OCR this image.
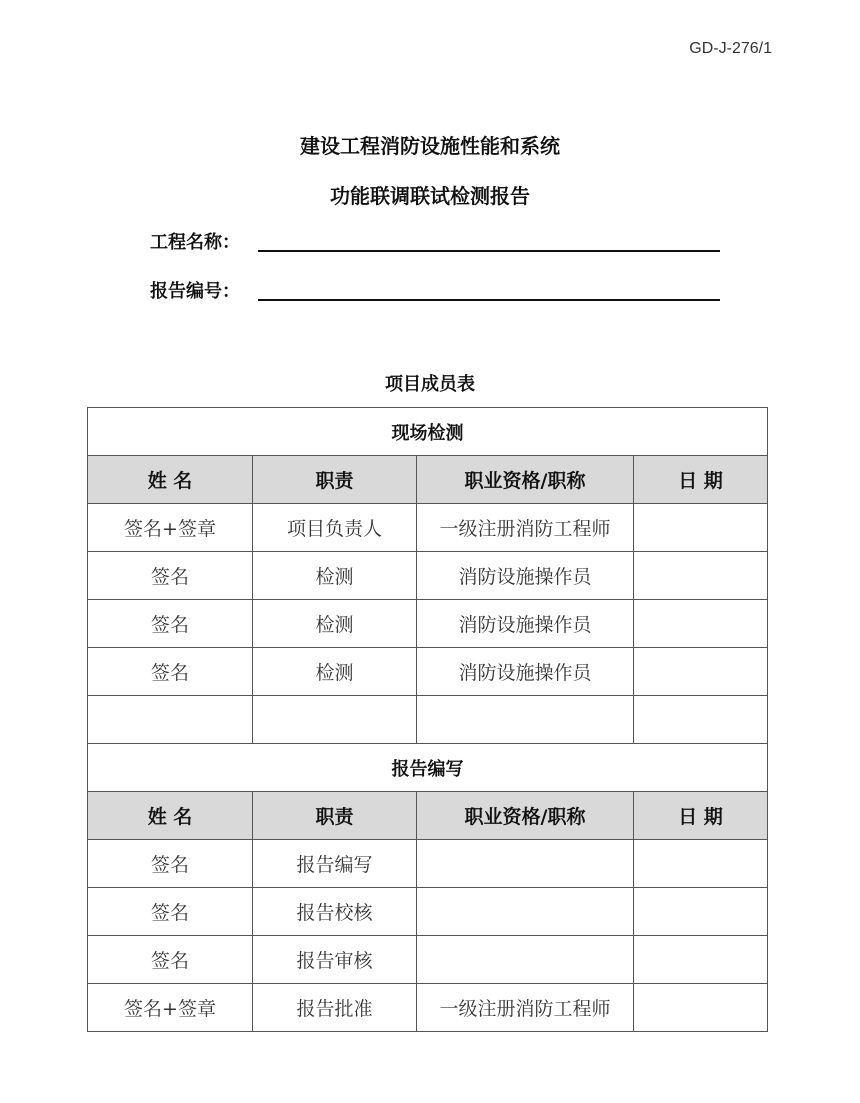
GD-J-276/1
建设工程消防设施性能和系统
功能联调联试检测报告
工程名称：
报告编号：
项目成员表
现场检测			
姓 名	职责	职业资格/职称	日 期
签名+签章	项目负责人	一级注册消防工程师	
签名	检测	消防设施操作员	
签名	检测	消防设施操作员	
签名	检测	消防设施操作员	

报告编写			
姓 名	职责	职业资格/职称	日 期
签名	报告编写		
签名	报告校核		
签名	报告审核		
签名+签章	报告批准	一级注册消防工程师	
